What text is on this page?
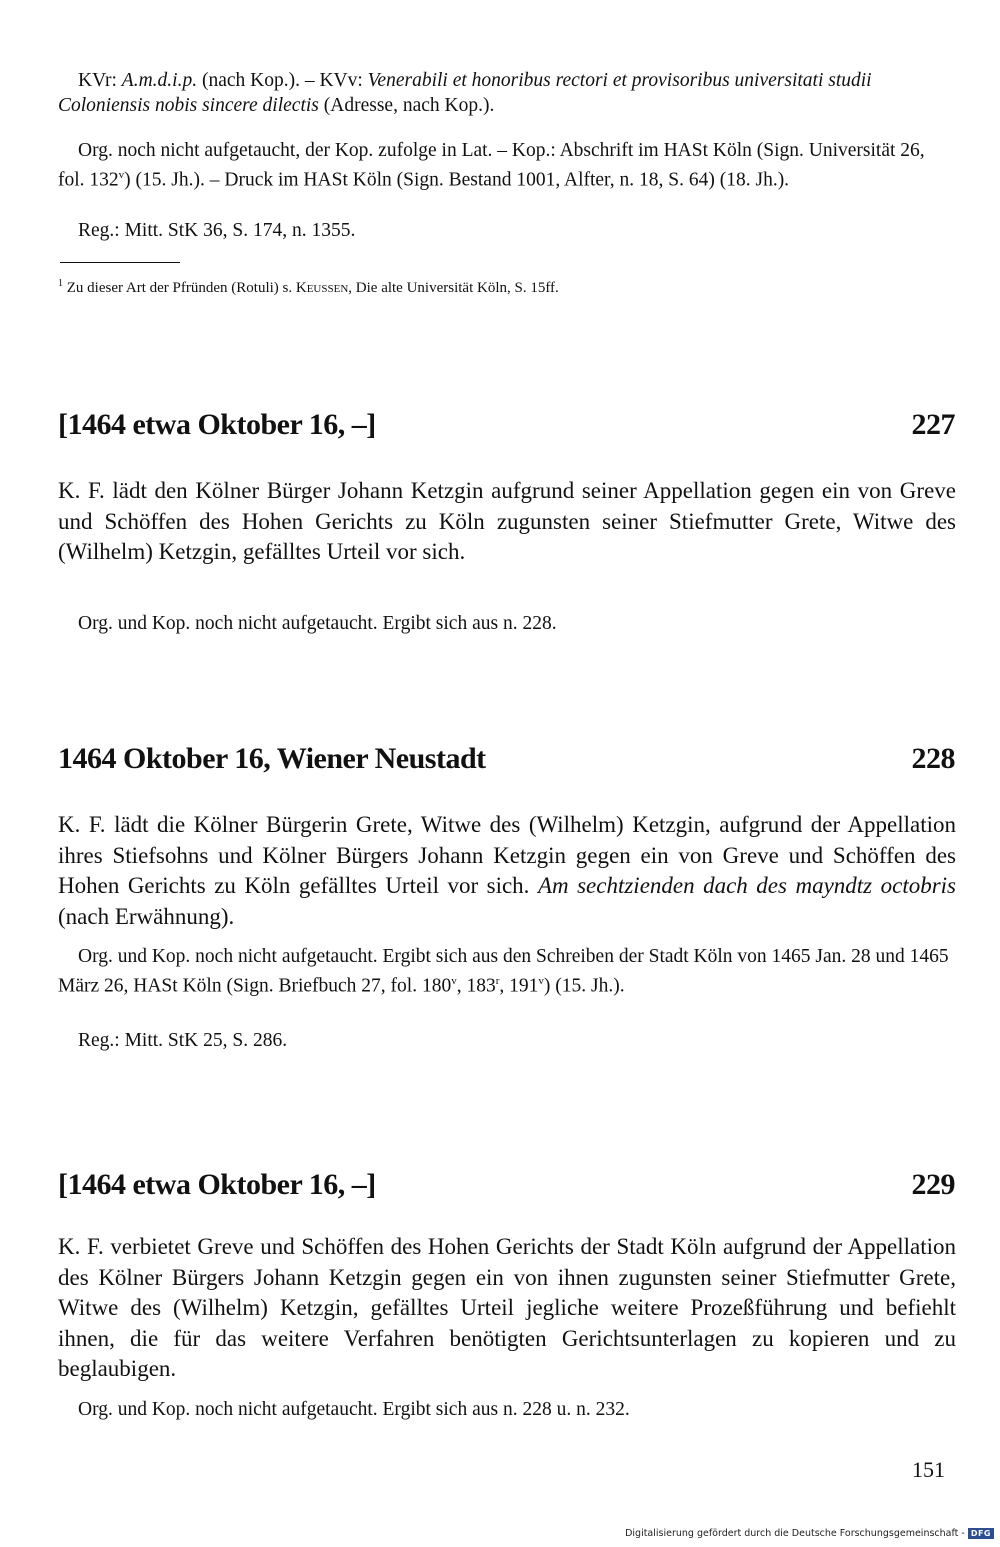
KVr: A.m.d.i.p. (nach Kop.). – KVv: Venerabili et honoribus rectori et provisoribus universitati studii Coloniensis nobis sincere dilectis (Adresse, nach Kop.).
Org. noch nicht aufgetaucht, der Kop. zufolge in Lat. – Kop.: Abschrift im HASt Köln (Sign. Universität 26, fol. 132$^v$) (15. Jh.). – Druck im HASt Köln (Sign. Bestand 1001, Alfter, n. 18, S. 64) (18. Jh.).
Reg.: Mitt. StK 36, S. 174, n. 1355.
$^1$ Zu dieser Art der Pfründen (Rotuli) s. Keussen, Die alte Universität Köln, S. 15ff.
[1464 etwa Oktober 16, –]	227
K. F. lädt den Kölner Bürger Johann Ketzgin aufgrund seiner Appellation gegen ein von Greve und Schöffen des Hohen Gerichts zu Köln zugunsten seiner Stiefmutter Grete, Witwe des (Wilhelm) Ketzgin, gefälltes Urteil vor sich.
Org. und Kop. noch nicht aufgetaucht. Ergibt sich aus n. 228.
1464 Oktober 16, Wiener Neustadt	228
K. F. lädt die Kölner Bürgerin Grete, Witwe des (Wilhelm) Ketzgin, aufgrund der Appellation ihres Stiefsohns und Kölner Bürgers Johann Ketzgin gegen ein von Greve und Schöffen des Hohen Gerichts zu Köln gefälltes Urteil vor sich. Am sechtzienden dach des mayndtz octobris (nach Erwähnung).
Org. und Kop. noch nicht aufgetaucht. Ergibt sich aus den Schreiben der Stadt Köln von 1465 Jan. 28 und 1465 März 26, HASt Köln (Sign. Briefbuch 27, fol. 180$^v$, 183$^r$, 191$^v$) (15. Jh.).
Reg.: Mitt. StK 25, S. 286.
[1464 etwa Oktober 16, –]	229
K. F. verbietet Greve und Schöffen des Hohen Gerichts der Stadt Köln aufgrund der Appellation des Kölner Bürgers Johann Ketzgin gegen ein von ihnen zugunsten seiner Stiefmutter Grete, Witwe des (Wilhelm) Ketzgin, gefälltes Urteil jegliche weitere Prozeßführung und befiehlt ihnen, die für das weitere Verfahren benötigten Gerichtsunterlagen zu kopieren und zu beglaubigen.
Org. und Kop. noch nicht aufgetaucht. Ergibt sich aus n. 228 u. n. 232.
151
Digitalisierung gefördert durch die Deutsche Forschungsgemeinschaft - DFG
